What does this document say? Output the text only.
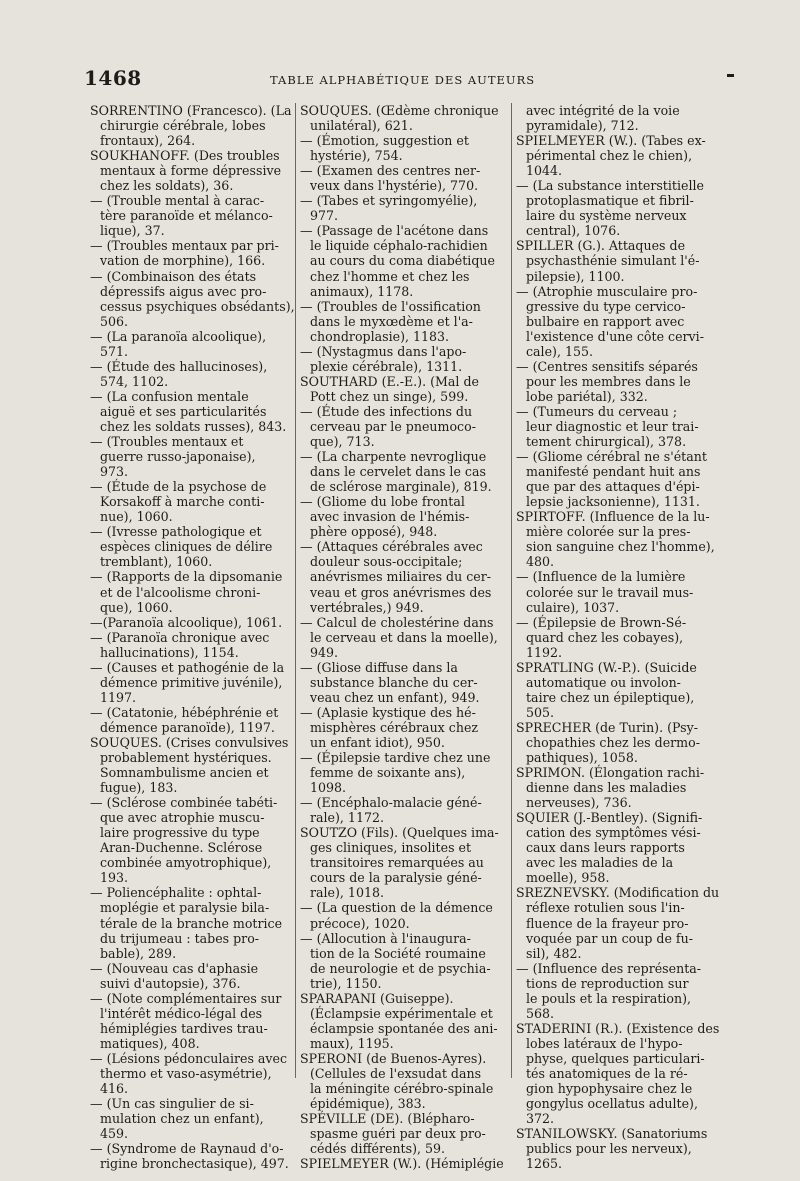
1468	TABLE ALPHABÉTIQUE DES AUTEURS
SORRENTINO (Francesco). (La
chirurgie cérébrale, lobes
frontaux), 264.
SOUKHANOFF. (Des troubles
mentaux à forme dépressive
chez les soldats), 36.
— (Trouble mental à carac-
tère paranoïde et mélanco-
lique), 37.
— (Troubles mentaux par pri-
vation de morphine), 166.
— (Combinaison des états
dépressifs aigus avec pro-
cessus psychiques obsédants),
506.
— (La paranoïa alcoolique),
571.
— (Étude des hallucinoses),
574, 1102.
— (La confusion mentale
aiguë et ses particularités
chez les soldats russes), 843.
— (Troubles mentaux et
guerre russo-japonaise),
973.
— (Étude de la psychose de
Korsakoff à marche conti-
nue), 1060.
— (Ivresse pathologique et
espèces cliniques de délire
tremblant), 1060.
— (Rapports de la dipsomanie
et de l'alcoolisme chroni-
que), 1060.
—(Paranoïa alcoolique), 1061.
— (Paranoïa chronique avec
hallucinations), 1154.
— (Causes et pathogénie de la
démence primitive juvénile),
1197.
— (Catatonie, hébéphrénie et
démence paranoïde), 1197.
SOUQUES. (Crises convulsives
probablement hystériques.
Somnambulisme ancien et
fugue), 183.
— (Sclérose combinée tabéti-
que avec atrophie muscu-
laire progressive du type
Aran-Duchenne. Sclérose
combinée amyotrophique),
193.
— Poliencéphalite : ophtal-
moplégie et paralysie bila-
térale de la branche motrice
du trijumeau : tabes pro-
bable), 289.
— (Nouveau cas d'aphasie
suivi d'autopsie), 376.
— (Note complémentaires sur
l'intérêt médico-légal des
hémiplégies tardives trau-
matiques), 408.
— (Lésions pédonculaires avec
thermo et vaso-asymétrie),
416.
— (Un cas singulier de si-
mulation chez un enfant),
459.
— (Syndrome de Raynaud d'o-
rigine bronchectasique), 497.
SOUQUES. (Œdème chronique
unilatéral), 621.
— (Émotion, suggestion et
hystérie), 754.
— (Examen des centres ner-
veux dans l'hystérie), 770.
— (Tabes et syringomyélie),
977.
— (Passage de l'acétone dans
le liquide céphalo-rachidien
au cours du coma diabétique
chez l'homme et chez les
animaux), 1178.
— (Troubles de l'ossification
dans le myxœdème et l'a-
chondroplasie), 1183.
— (Nystagmus dans l'apo-
plexie cérébrale), 1311.
SOUTHARD (E.-E.). (Mal de
Pott chez un singe), 599.
— (Étude des infections du
cerveau par le pneumoco-
que), 713.
— (La charpente nevroglique
dans le cervelet dans le cas
de sclérose marginale), 819.
— (Gliome du lobe frontal
avec invasion de l'hémis-
phère opposé), 948.
— (Attaques cérébrales avec
douleur sous-occipitale;
anévrismes miliaires du cer-
veau et gros anévrismes des
vertébrales,) 949.
— Calcul de cholestérine dans
le cerveau et dans la moelle),
949.
— (Gliose diffuse dans la
substance blanche du cer-
veau chez un enfant), 949.
— (Aplasie kystique des hé-
misphères cérébraux chez
un enfant idiot), 950.
— (Épilepsie tardive chez une
femme de soixante ans),
1098.
— (Encéphalo-malacie géné-
rale), 1172.
SOUTZO (Fils). (Quelques ima-
ges cliniques, insolites et
transitoires remarquées au
cours de la paralysie géné-
rale), 1018.
— (La question de la démence
précoce), 1020.
— (Allocution à l'inaugura-
tion de la Société roumaine
de neurologie et de psychia-
trie), 1150.
SPARAPANI (Guiseppe).
(Éclampsie expérimentale et
éclampsie spontanée des ani-
maux), 1195.
SPERONI (de Buenos-Ayres).
(Cellules de l'exsudat dans
la méningite cérébro-spinale
épidémique), 383.
SPÉVILLE (DE). (Blépharo-
spasme guéri par deux pro-
cédés différents), 59.
SPIELMEYER (W.). (Hémiplégie
avec intégrité de la voie
pyramidale), 712.
SPIELMEYER (W.). (Tabes ex-
périmental chez le chien),
1044.
— (La substance interstitielle
protoplasmatique et fibril-
laire du système nerveux
central), 1076.
SPILLER (G.). Attaques de
psychasthénie simulant l'é-
pilepsie), 1100.
— (Atrophie musculaire pro-
gressive du type cervico-
bulbaire en rapport avec
l'existence d'une côte cervi-
cale), 155.
— (Centres sensitifs séparés
pour les membres dans le
lobe pariétal), 332.
— (Tumeurs du cerveau ;
leur diagnostic et leur trai-
tement chirurgical), 378.
— (Gliome cérébral ne s'étant
manifesté pendant huit ans
que par des attaques d'épi-
lepsie jacksonienne), 1131.
SPIRTOFF. (Influence de la lu-
mière colorée sur la pres-
sion sanguine chez l'homme),
480.
— (Influence de la lumière
colorée sur le travail mus-
culaire), 1037.
— (Épilepsie de Brown-Sé-
quard chez les cobayes),
1192.
SPRATLING (W.-P.). (Suicide
automatique ou involon-
taire chez un épileptique),
505.
SPRECHER (de Turin). (Psy-
chopathies chez les dermo-
pathiques), 1058.
SPRIMON. (Élongation rachi-
dienne dans les maladies
nerveuses), 736.
SQUIER (J.-Bentley). (Signifi-
cation des symptômes vési-
caux dans leurs rapports
avec les maladies de la
moelle), 958.
SREZNEVSKY. (Modification du
réflexe rotulien sous l'in-
fluence de la frayeur pro-
voquée par un coup de fu-
sil), 482.
— (Influence des représenta-
tions de reproduction sur
le pouls et la respiration),
568.
STADERINI (R.). (Existence des
lobes latéraux de l'hypo-
physe, quelques particulari-
tés anatomiques de la ré-
gion hypophysaire chez le
gongylus ocellatus adulte),
372.
STANILOWSKY. (Sanatoriums
publics pour les nerveux),
1265.
